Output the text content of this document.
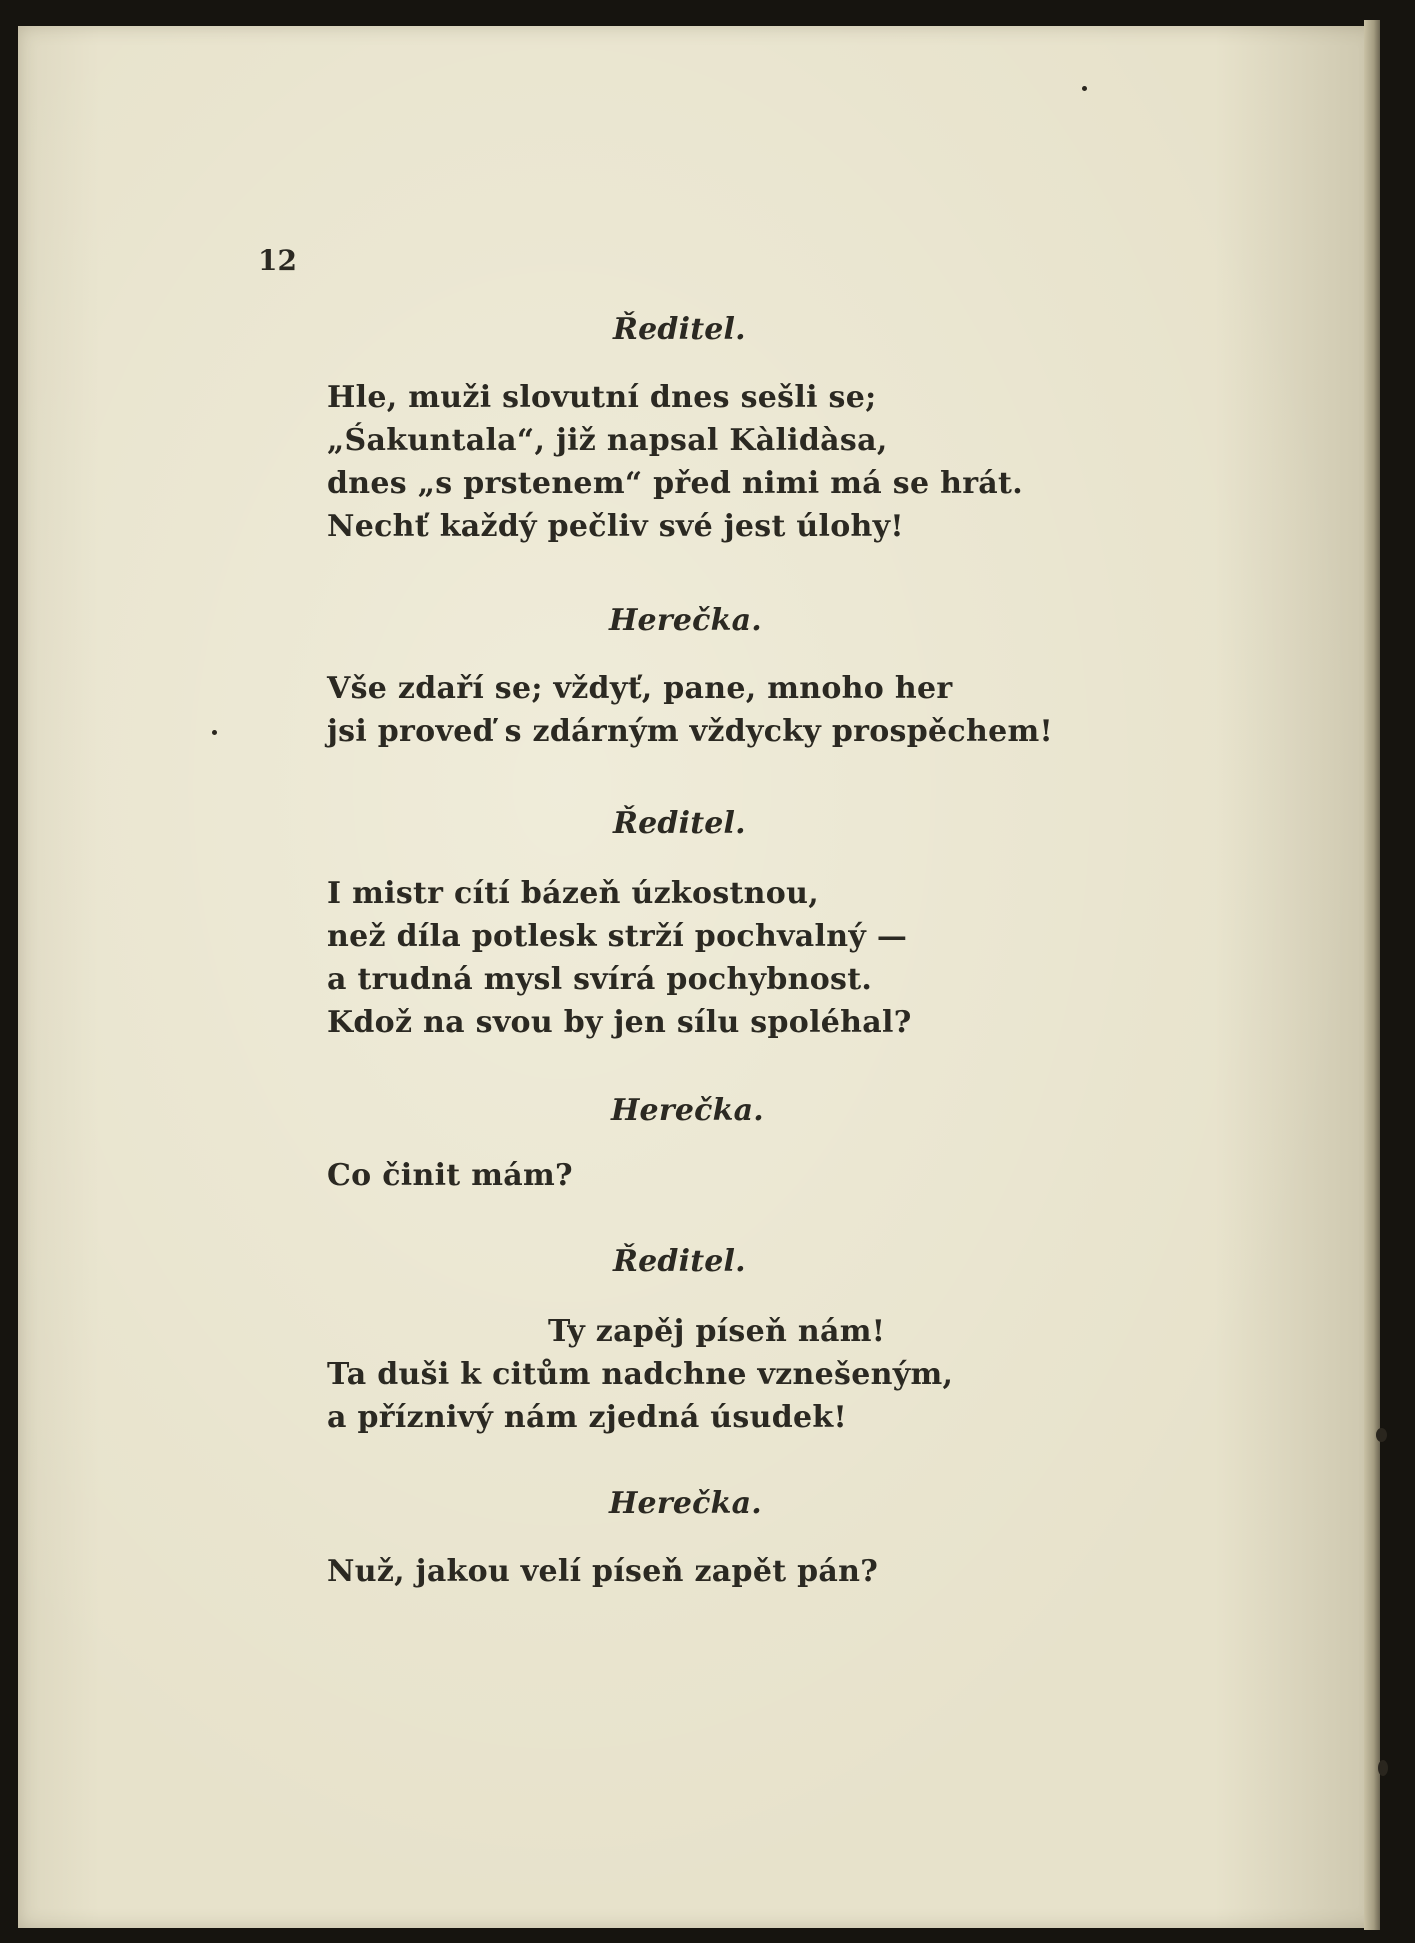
12

Ředitel.

Hle, muži slovutní dnes sešli se;

„Śakuntala“, již napsal Kàlidàsa,

dnes „s prstenem“ před nimi má se hrát.

Nechť každý pečliv své jest úlohy!

Herečka.

Vše zdaří se; vždyť, pane, mnoho her

jsi proveď s zdárným vždycky prospěchem!

Ředitel.

I mistr cítí bázeň úzkostnou,

než díla potlesk strží pochvalný —

a trudná mysl svírá pochybnost.

Kdož na svou by jen sílu spoléhal?

Herečka.

Co činit mám?

Ředitel.

Ty zapěj píseň nám!

Ta duši k citům nadchne vznešeným,

a příznivý nám zjedná úsudek!

Herečka.

Nuž, jakou velí píseň zapět pán?
